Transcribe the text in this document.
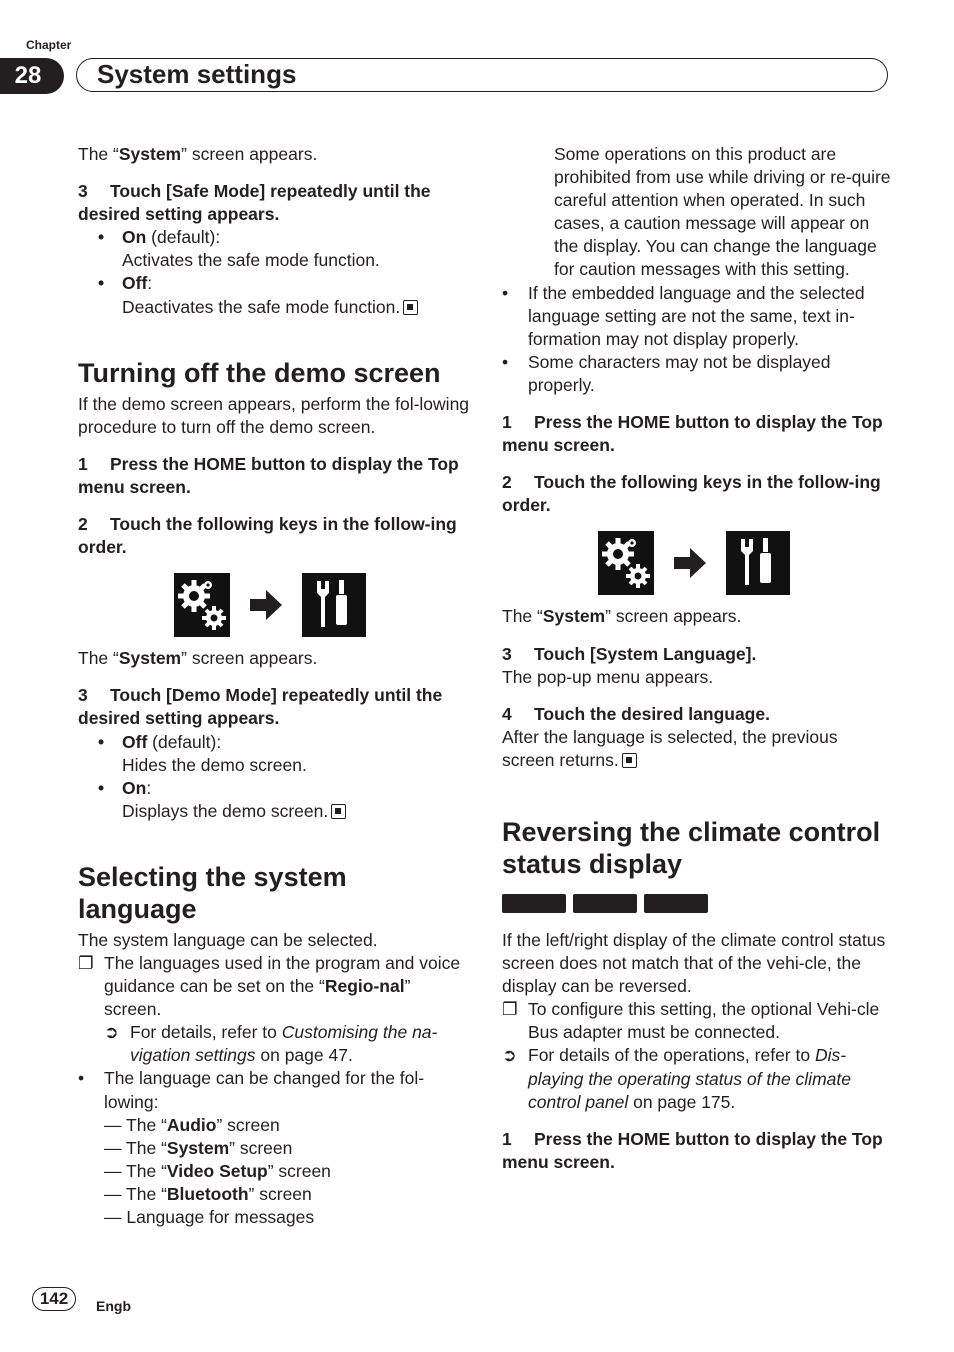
Chapter
28	System settings

The “System” screen appears.

3 Touch [Safe Mode] repeatedly until the desired setting appears.

• On (default):
Activates the safe mode function.
• Off:
Deactivates the safe mode function.
Turning off the demo screen

If the demo screen appears, perform the fol-lowing procedure to turn off the demo screen.

1 Press the HOME button to display the Top menu screen.

2 Touch the following keys in the follow-ing order.

The “System” screen appears.

3 Touch [Demo Mode] repeatedly until the desired setting appears.

• Off (default):
Hides the demo screen.
• On:
Displays the demo screen.
Selecting the system language

The system language can be selected.

❐ The languages used in the program and voice guidance can be set on the “Regio-nal” screen.
➲ For details, refer to Customising the na-vigation settings on page 47.
• The language can be changed for the fol-lowing:
— The “Audio” screen
— The “System” screen
— The “Video Setup” screen
— The “Bluetooth” screen
— Language for messages

Some operations on this product are prohibited from use while driving or re-quire careful attention when operated. In such cases, a caution message will appear on the display. You can change the language for caution messages with this setting.

• If the embedded language and the selected language setting are not the same, text in-formation may not display properly.
• Some characters may not be displayed properly.

1 Press the HOME button to display the Top menu screen.

2 Touch the following keys in the follow-ing order.

The “System” screen appears.

3 Touch [System Language].

The pop-up menu appears.

4 Touch the desired language.

After the language is selected, the previous screen returns.

Reversing the climate control status display

If the left/right display of the climate control status screen does not match that of the vehi-cle, the display can be reversed.

❐ To configure this setting, the optional Vehi-cle Bus adapter must be connected.
➲ For details of the operations, refer to Dis-playing the operating status of the climate control panel on page 175.

1 Press the HOME button to display the Top menu screen.

142	Engb
